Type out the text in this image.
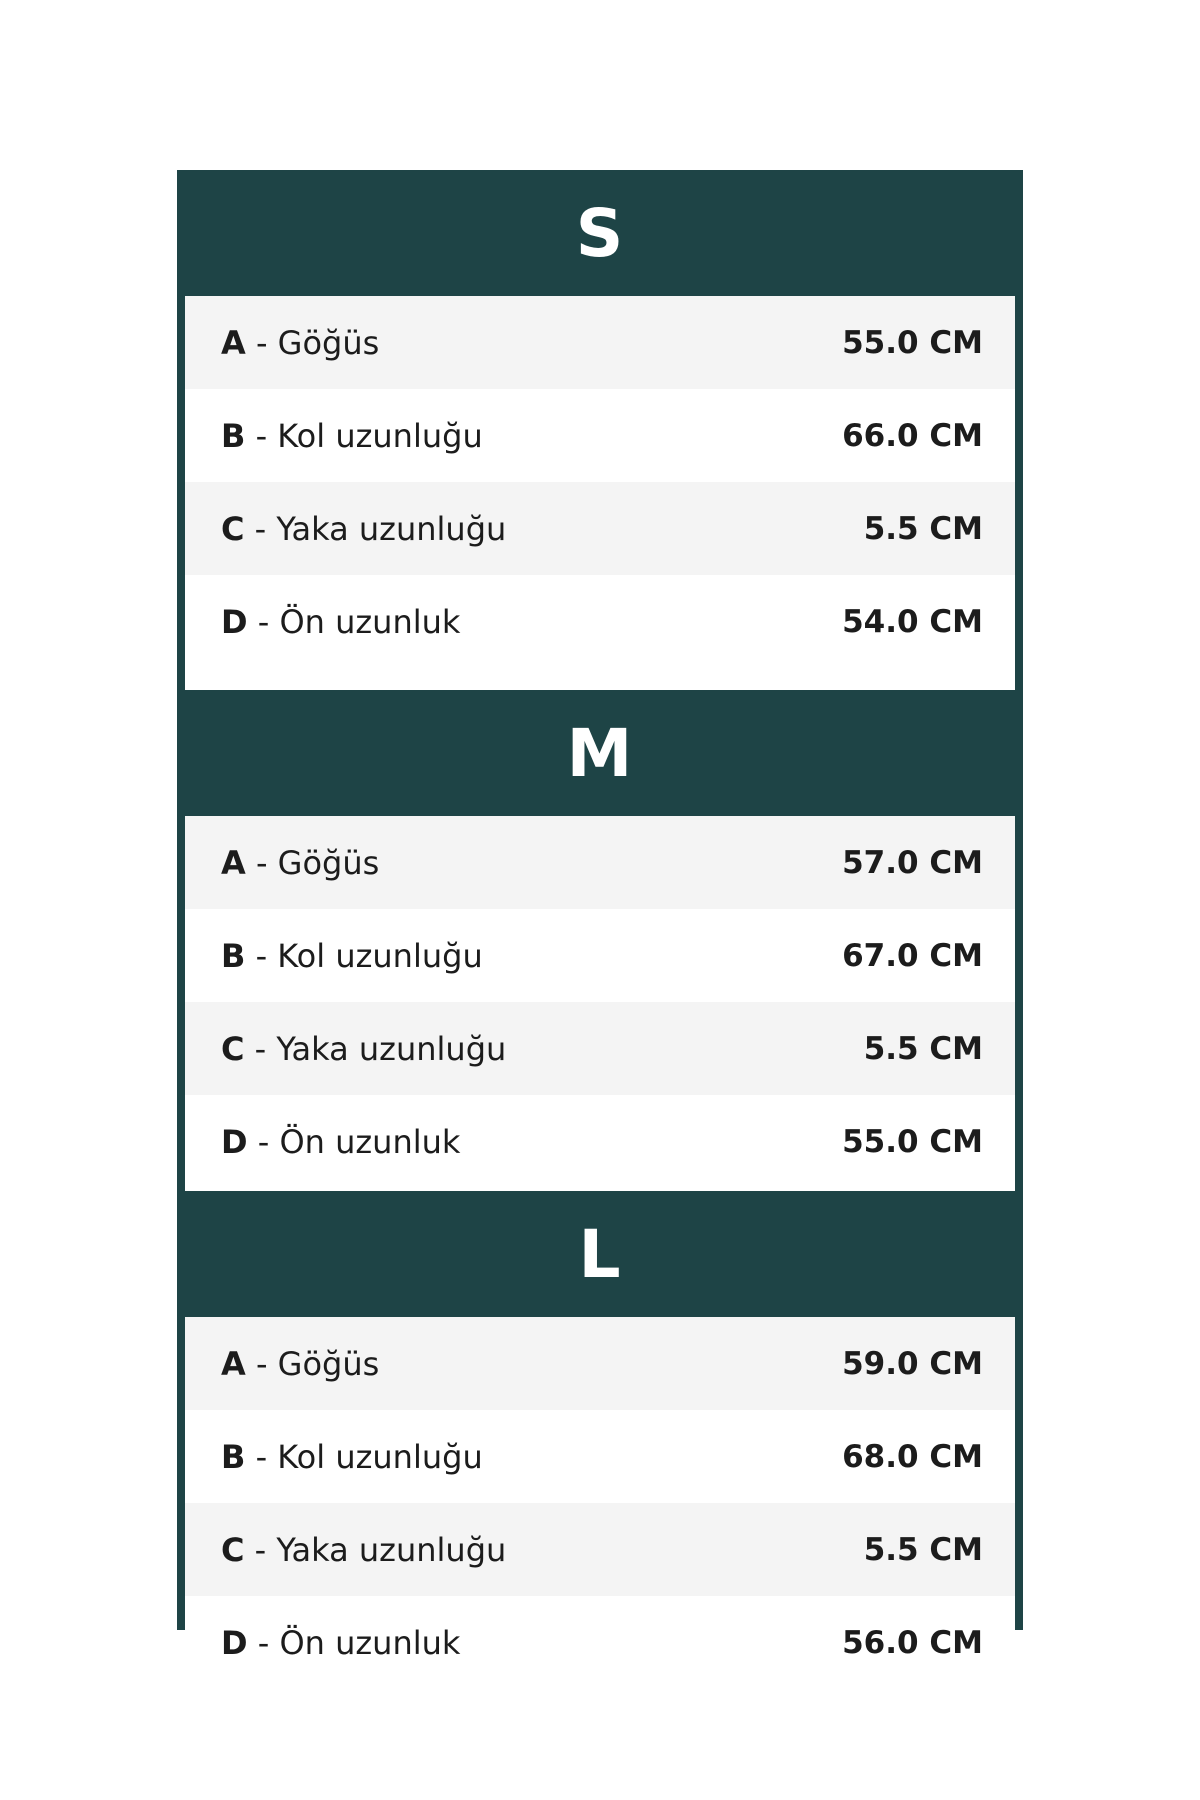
S
A - Göğüs	55.0 CM
B - Kol uzunluğu	66.0 CM
C - Yaka uzunluğu	5.5 CM
D - Ön uzunluk	54.0 CM
M
A - Göğüs	57.0 CM
B - Kol uzunluğu	67.0 CM
C - Yaka uzunluğu	5.5 CM
D - Ön uzunluk	55.0 CM
L
A - Göğüs	59.0 CM
B - Kol uzunluğu	68.0 CM
C - Yaka uzunluğu	5.5 CM
D - Ön uzunluk	56.0 CM
